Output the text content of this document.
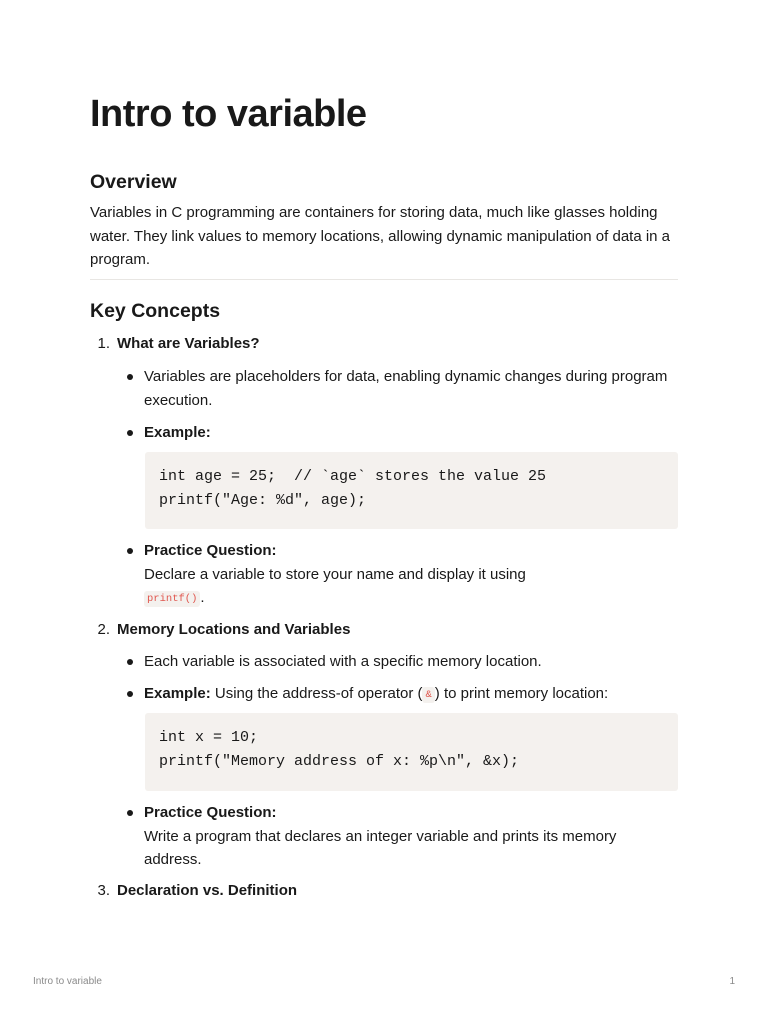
Intro to variable
Overview

Variables in C programming are containers for storing data, much like glasses holding water. They link values to memory locations, allowing dynamic manipulation of data in a program.

Key Concepts
1. What are Variables?
Variables are placeholders for data, enabling dynamic changes during program execution.
Example:
int age = 25;  // `age` stores the value 25
printf("Age: %d", age);
Practice Question:
Declare a variable to store your name and display it using
printf() .
2. Memory Locations and Variables
Each variable is associated with a specific memory location.
Example: Using the address-of operator ( & ) to print memory location:
int x = 10;
printf("Memory address of x: %p\n", &x);
Practice Question:
Write a program that declares an integer variable and prints its memory address.
3. Declaration vs. Definition
Intro to variable	1
